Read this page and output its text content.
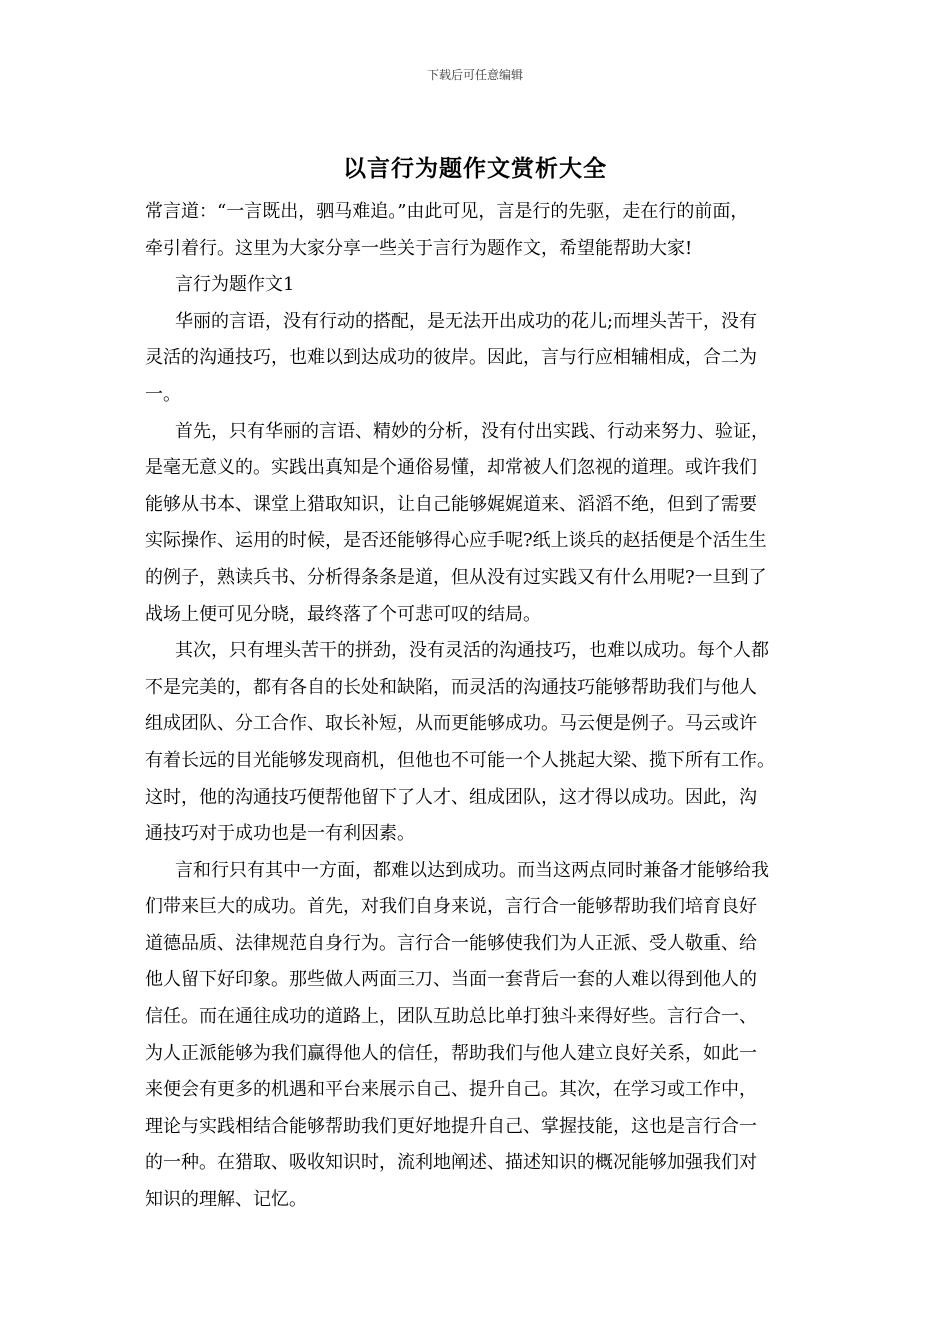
下载后可任意编辑
以言行为题作文赏析大全
常言道：“一言既出，驷马难追。”由此可见，言是行的先驱，走在行的前面，
牵引着行。这里为大家分享一些关于言行为题作文，希望能帮助大家!
言行为题作文1
华丽的言语，没有行动的搭配，是无法开出成功的花儿;而埋头苦干，没有
灵活的沟通技巧，也难以到达成功的彼岸。因此，言与行应相辅相成，合二为
一。
首先，只有华丽的言语、精妙的分析，没有付出实践、行动来努力、验证，
是毫无意义的。实践出真知是个通俗易懂，却常被人们忽视的道理。或许我们
能够从书本、课堂上猎取知识，让自己能够娓娓道来、滔滔不绝，但到了需要
实际操作、运用的时候，是否还能够得心应手呢?纸上谈兵的赵括便是个活生生
的例子，熟读兵书、分析得条条是道，但从没有过实践又有什么用呢?一旦到了
战场上便可见分晓，最终落了个可悲可叹的结局。
其次，只有埋头苦干的拼劲，没有灵活的沟通技巧，也难以成功。每个人都
不是完美的，都有各自的长处和缺陷，而灵活的沟通技巧能够帮助我们与他人
组成团队、分工合作、取长补短，从而更能够成功。马云便是例子。马云或许
有着长远的目光能够发现商机，但他也不可能一个人挑起大梁、揽下所有工作。
这时，他的沟通技巧便帮他留下了人才、组成团队，这才得以成功。因此，沟
通技巧对于成功也是一有利因素。
言和行只有其中一方面，都难以达到成功。而当这两点同时兼备才能够给我
们带来巨大的成功。首先，对我们自身来说，言行合一能够帮助我们培育良好
道德品质、法律规范自身行为。言行合一能够使我们为人正派、受人敬重、给
他人留下好印象。那些做人两面三刀、当面一套背后一套的人难以得到他人的
信任。而在通往成功的道路上，团队互助总比单打独斗来得好些。言行合一、
为人正派能够为我们赢得他人的信任，帮助我们与他人建立良好关系，如此一
来便会有更多的机遇和平台来展示自己、提升自己。其次，在学习或工作中，
理论与实践相结合能够帮助我们更好地提升自己、掌握技能，这也是言行合一
的一种。在猎取、吸收知识时，流利地阐述、描述知识的概况能够加强我们对
知识的理解、记忆。
